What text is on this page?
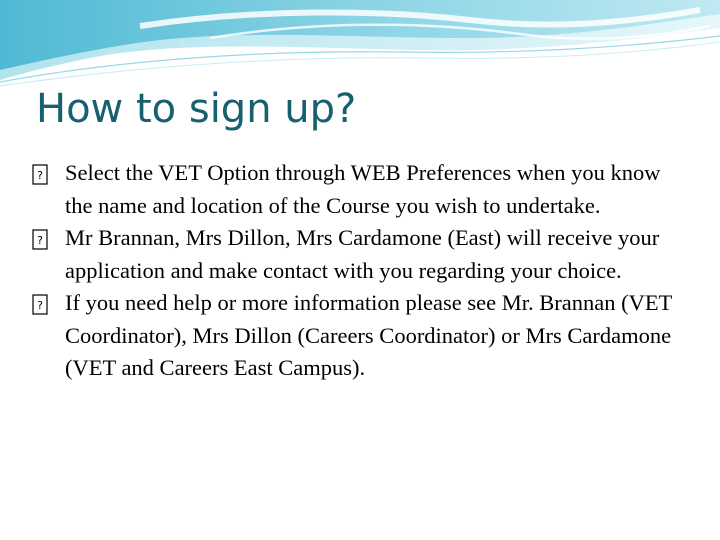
How to sign up?
? Select the VET Option through WEB Preferences when you know the name and location of the Course you wish to undertake.
? Mr Brannan, Mrs Dillon, Mrs Cardamone (East) will receive your application and make contact with you regarding your choice.
? If you need help or more information please see Mr. Brannan (VET Coordinator), Mrs Dillon (Careers Coordinator) or Mrs Cardamone (VET and Careers East Campus).
